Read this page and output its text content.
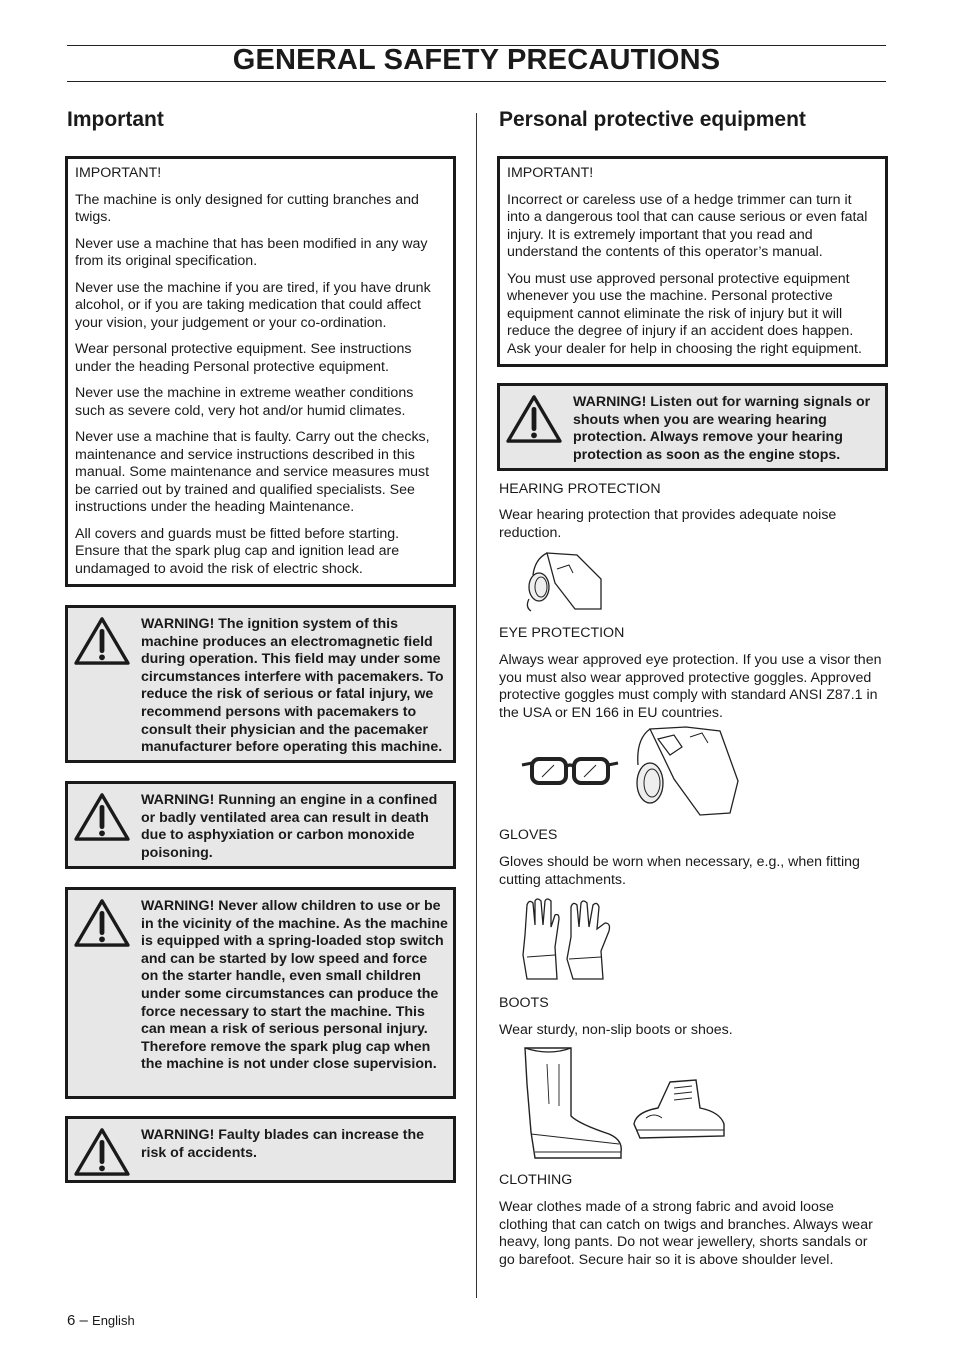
GENERAL SAFETY PRECAUTIONS
Important

IMPORTANT!

The machine is only designed for cutting branches and twigs.

Never use a machine that has been modified in any way from its original specification.

Never use the machine if you are tired, if you have drunk alcohol, or if you are taking medication that could affect your vision, your judgement or your co-ordination.

Wear personal protective equipment. See instructions under the heading Personal protective equipment.

Never use the machine in extreme weather conditions such as severe cold, very hot and/or humid climates.

Never use a machine that is faulty. Carry out the checks, maintenance and service instructions described in this manual. Some maintenance and service measures must be carried out by trained and qualified specialists. See instructions under the heading Maintenance.

All covers and guards must be fitted before starting. Ensure that the spark plug cap and ignition lead are undamaged to avoid the risk of electric shock.

WARNING! The ignition system of this machine produces an electromagnetic field during operation. This field may under some circumstances interfere with pacemakers. To reduce the risk of serious or fatal injury, we recommend persons with pacemakers to consult their physician and the pacemaker manufacturer before operating this machine.
WARNING! Running an engine in a confined or badly ventilated area can result in death due to asphyxiation or carbon monoxide poisoning.
WARNING! Never allow children to use or be in the vicinity of the machine. As the machine is equipped with a spring-loaded stop switch and can be started by low speed and force on the starter handle, even small children under some circumstances can produce the force necessary to start the machine. This can mean a risk of serious personal injury. Therefore remove the spark plug cap when the machine is not under close supervision.
WARNING! Faulty blades can increase the risk of accidents.
Personal protective equipment

IMPORTANT!

Incorrect or careless use of a hedge trimmer can turn it into a dangerous tool that can cause serious or even fatal injury. It is extremely important that you read and understand the contents of this operator’s manual.

You must use approved personal protective equipment whenever you use the machine. Personal protective equipment cannot eliminate the risk of injury but it will reduce the degree of injury if an accident does happen. Ask your dealer for help in choosing the right equipment.

WARNING! Listen out for warning signals or shouts when you are wearing hearing protection. Always remove your hearing protection as soon as the engine stops.
HEARING PROTECTION
Wear hearing protection that provides adequate noise reduction.
EYE PROTECTION
Always wear approved eye protection. If you use a visor then you must also wear approved protective goggles. Approved protective goggles must comply with standard ANSI Z87.1 in the USA or EN 166 in EU countries.
GLOVES
Gloves should be worn when necessary, e.g., when fitting cutting attachments.
BOOTS
Wear sturdy, non-slip boots or shoes.
CLOTHING
Wear clothes made of a strong fabric and avoid loose clothing that can catch on twigs and branches. Always wear heavy, long pants. Do not wear jewellery, shorts sandals or go barefoot. Secure hair so it is above shoulder level.
6 – English
